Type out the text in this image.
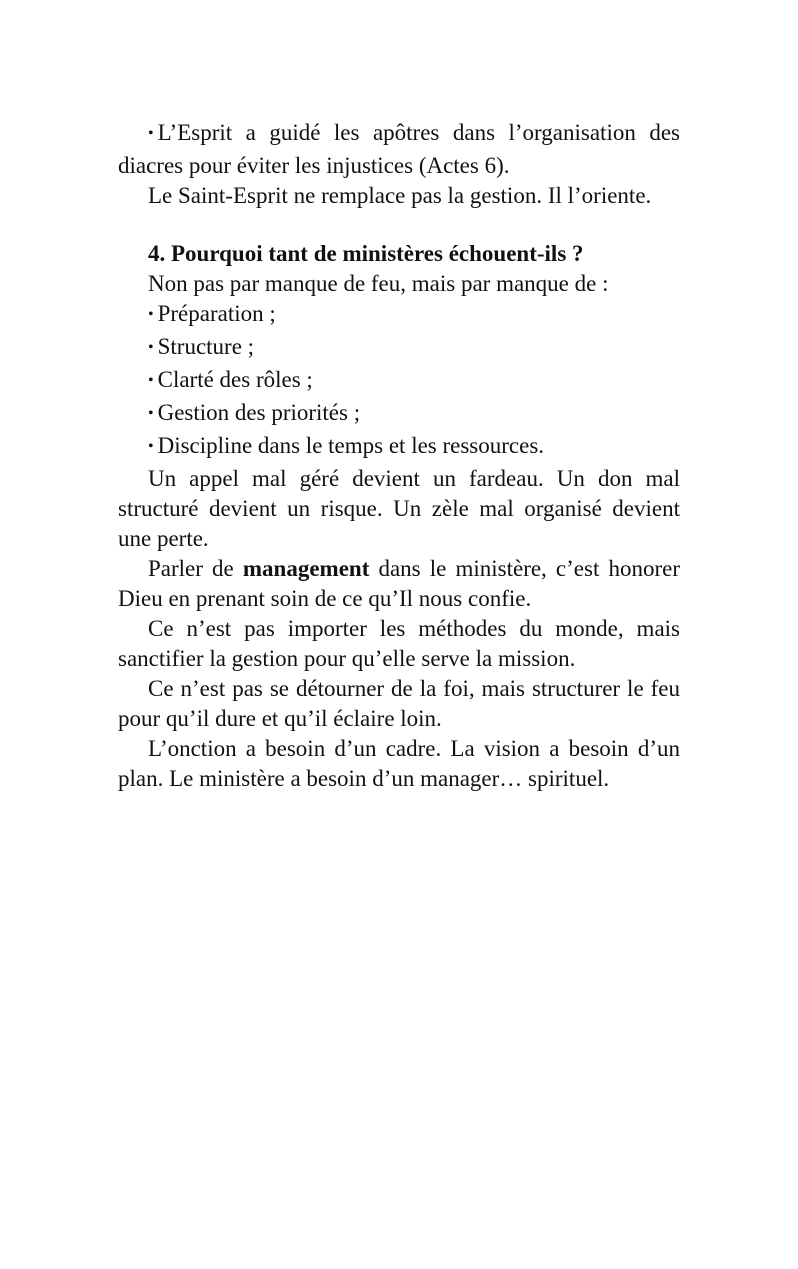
• L’Esprit a guidé les apôtres dans l’organisation des diacres pour éviter les injustices (Actes 6).

Le Saint-Esprit ne remplace pas la gestion. Il l’oriente.

4. Pourquoi tant de ministères échouent-ils ?

Non pas par manque de feu, mais par manque de :

• Préparation ;

• Structure ;

• Clarté des rôles ;

• Gestion des priorités ;

• Discipline dans le temps et les ressources.

Un appel mal géré devient un fardeau. Un don mal structuré devient un risque. Un zèle mal organisé devient une perte.

Parler de management dans le ministère, c’est honorer Dieu en prenant soin de ce qu’Il nous confie.

Ce n’est pas importer les méthodes du monde, mais sanctifier la gestion pour qu’elle serve la mission.

Ce n’est pas se détourner de la foi, mais structurer le feu pour qu’il dure et qu’il éclaire loin.

L’onction a besoin d’un cadre. La vision a besoin d’un plan. Le ministère a besoin d’un manager… spirituel.
